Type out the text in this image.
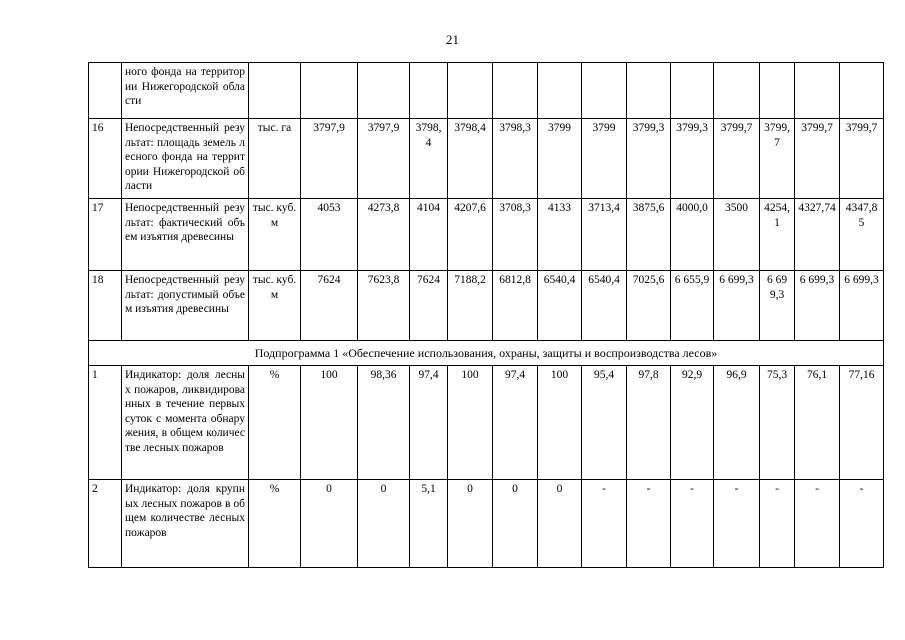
21
	ного фонда на территории Нижегородской области														
16	Непосредственный результат: площадь земель лесного фонда на территории Нижегородской области	тыс. га	3797,9	3797,9	3798,4	3798,4	3798,3	3799	3799	3799,3	3799,3	3799,7	3799,7	3799,7	3799,7
17	Непосредственный результат: фактический объем изъятия древесины	тыс. куб. м	4053	4273,8	4104	4207,6	3708,3	4133	3713,4	3875,6	4000,0	3500	4254,1	4327,74	4347,85
18	Непосредственный результат: допустимый объем изъятия древесины	тыс. куб. м	7624	7623,8	7624	7188,2	6812,8	6540,4	6540,4	7025,6	6 655,9	6 699,3	6 699,3	6 699,3	6 699,3
Подпрограмма 1 «Обеспечение использования, охраны, защиты и воспроизводства лесов»															
1	Индикатор: доля лесных пожаров, ликвидированных в течение первых суток с момента обнаружения, в общем количестве лесных пожаров	%	100	98,36	97,4	100	97,4	100	95,4	97,8	92,9	96,9	75,3	76,1	77,16
2	Индикатор: доля крупных лесных пожаров в общем количестве лесных пожаров	%	0	0	5,1	0	0	0	-	-	-	-	-	-	-
